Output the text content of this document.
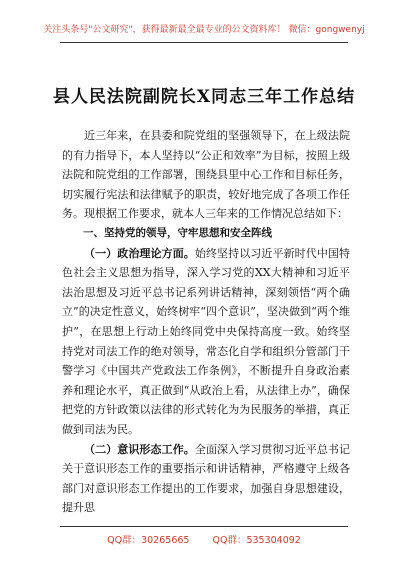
关注头条号"公文研究"，获得最新最全最专业的公文资料库！ 微信：gongwenyj
县人民法院副院长X同志三年工作总结

近三年来，在县委和院党组的坚强领导下，在上级法院的有力指导下，本人坚持以“公正和效率”为目标，按照上级法院和院党组的工作部署，围绕县里中心工作和目标任务，切实履行宪法和法律赋予的职责，较好地完成了各项工作任务。现根据工作要求，就本人三年来的工作情况总结如下：

一、坚持党的领导，守牢思想和安全阵线

（一）政治理论方面。始终坚持以习近平新时代中国特色社会主义思想为指导，深入学习党的XX大精神和习近平法治思想及习近平总书记系列讲话精神，深刻领悟“两个确立”的决定性意义，始终树牢“四个意识”，坚决做到“两个维护”，在思想上行动上始终同党中央保持高度一致。始终坚持党对司法工作的绝对领导，常态化自学和组织分管部门干警学习《中国共产党政法工作条例》，不断提升自身政治素养和理论水平，真正做到“从政治上看，从法律上办”，确保把党的方针政策以法律的形式转化为为民服务的举措，真正做到司法为民。

（二）意识形态工作。全面深入学习贯彻习近平总书记关于意识形态工作的重要指示和讲话精神，严格遵守上级各部门对意识形态工作提出的工作要求，加强自身思想建设，提升思

QQ群：30265665 QQ群：535304092
